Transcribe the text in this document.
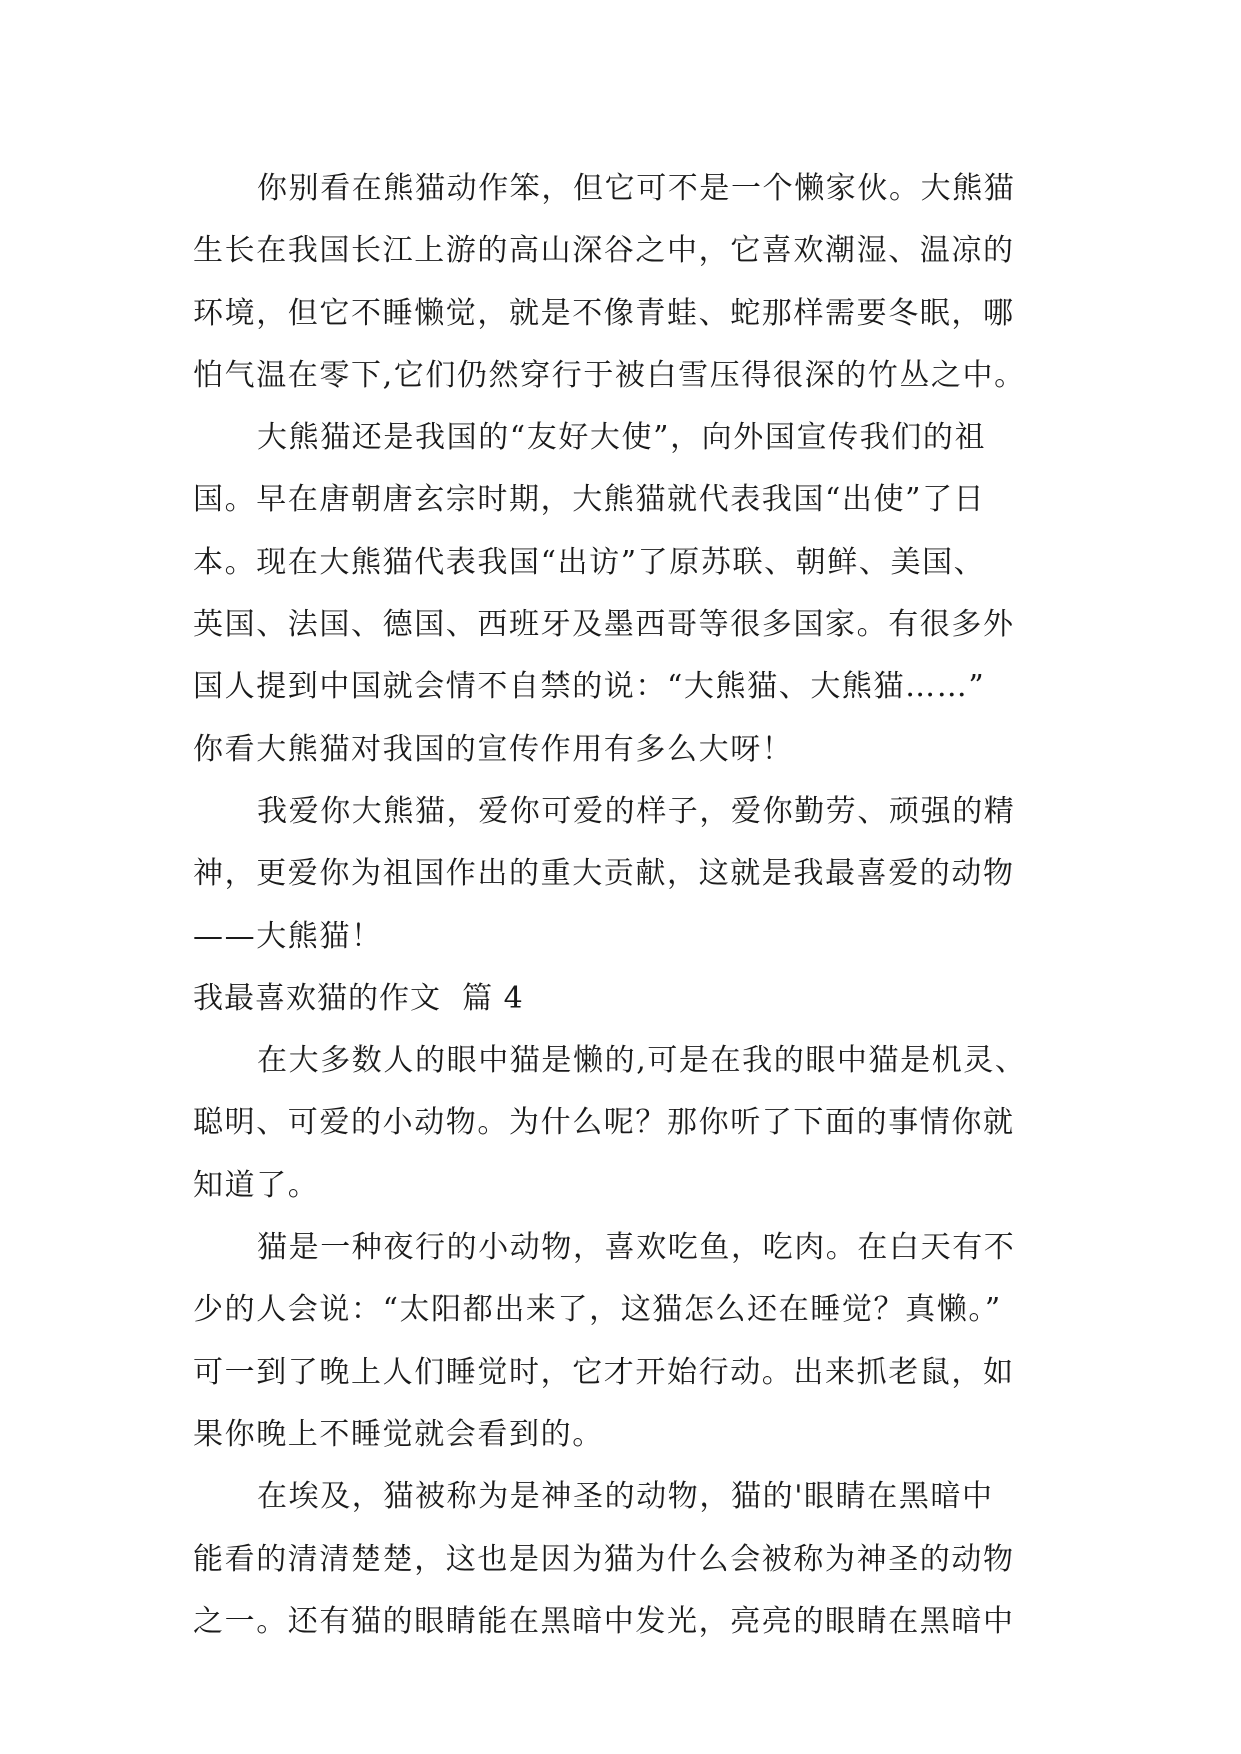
你别看在熊猫动作笨，但它可不是一个懒家伙。大熊猫
生长在我国长江上游的高山深谷之中，它喜欢潮湿、温凉的
环境，但它不睡懒觉，就是不像青蛙、蛇那样需要冬眠，哪
怕气温在零下,它们仍然穿行于被白雪压得很深的竹丛之中。
大熊猫还是我国的“友好大使”，向外国宣传我们的祖
国。早在唐朝唐玄宗时期，大熊猫就代表我国“出使”了日
本。现在大熊猫代表我国“出访”了原苏联、朝鲜、美国、
英国、法国、德国、西班牙及墨西哥等很多国家。有很多外
国人提到中国就会情不自禁的说：“大熊猫、大熊猫……”
你看大熊猫对我国的宣传作用有多么大呀！
我爱你大熊猫，爱你可爱的样子，爱你勤劳、顽强的精
神，更爱你为祖国作出的重大贡献，这就是我最喜爱的动物
——大熊猫！
我最喜欢猫的作文  篇 4
在大多数人的眼中猫是懒的,可是在我的眼中猫是机灵、
聪明、可爱的小动物。为什么呢？那你听了下面的事情你就
知道了。
猫是一种夜行的小动物，喜欢吃鱼，吃肉。在白天有不
少的人会说：“太阳都出来了，这猫怎么还在睡觉？真懒。”
可一到了晚上人们睡觉时，它才开始行动。出来抓老鼠，如
果你晚上不睡觉就会看到的。
在埃及，猫被称为是神圣的动物，猫的'眼睛在黑暗中
能看的清清楚楚，这也是因为猫为什么会被称为神圣的动物
之一。还有猫的眼睛能在黑暗中发光，亮亮的眼睛在黑暗中
